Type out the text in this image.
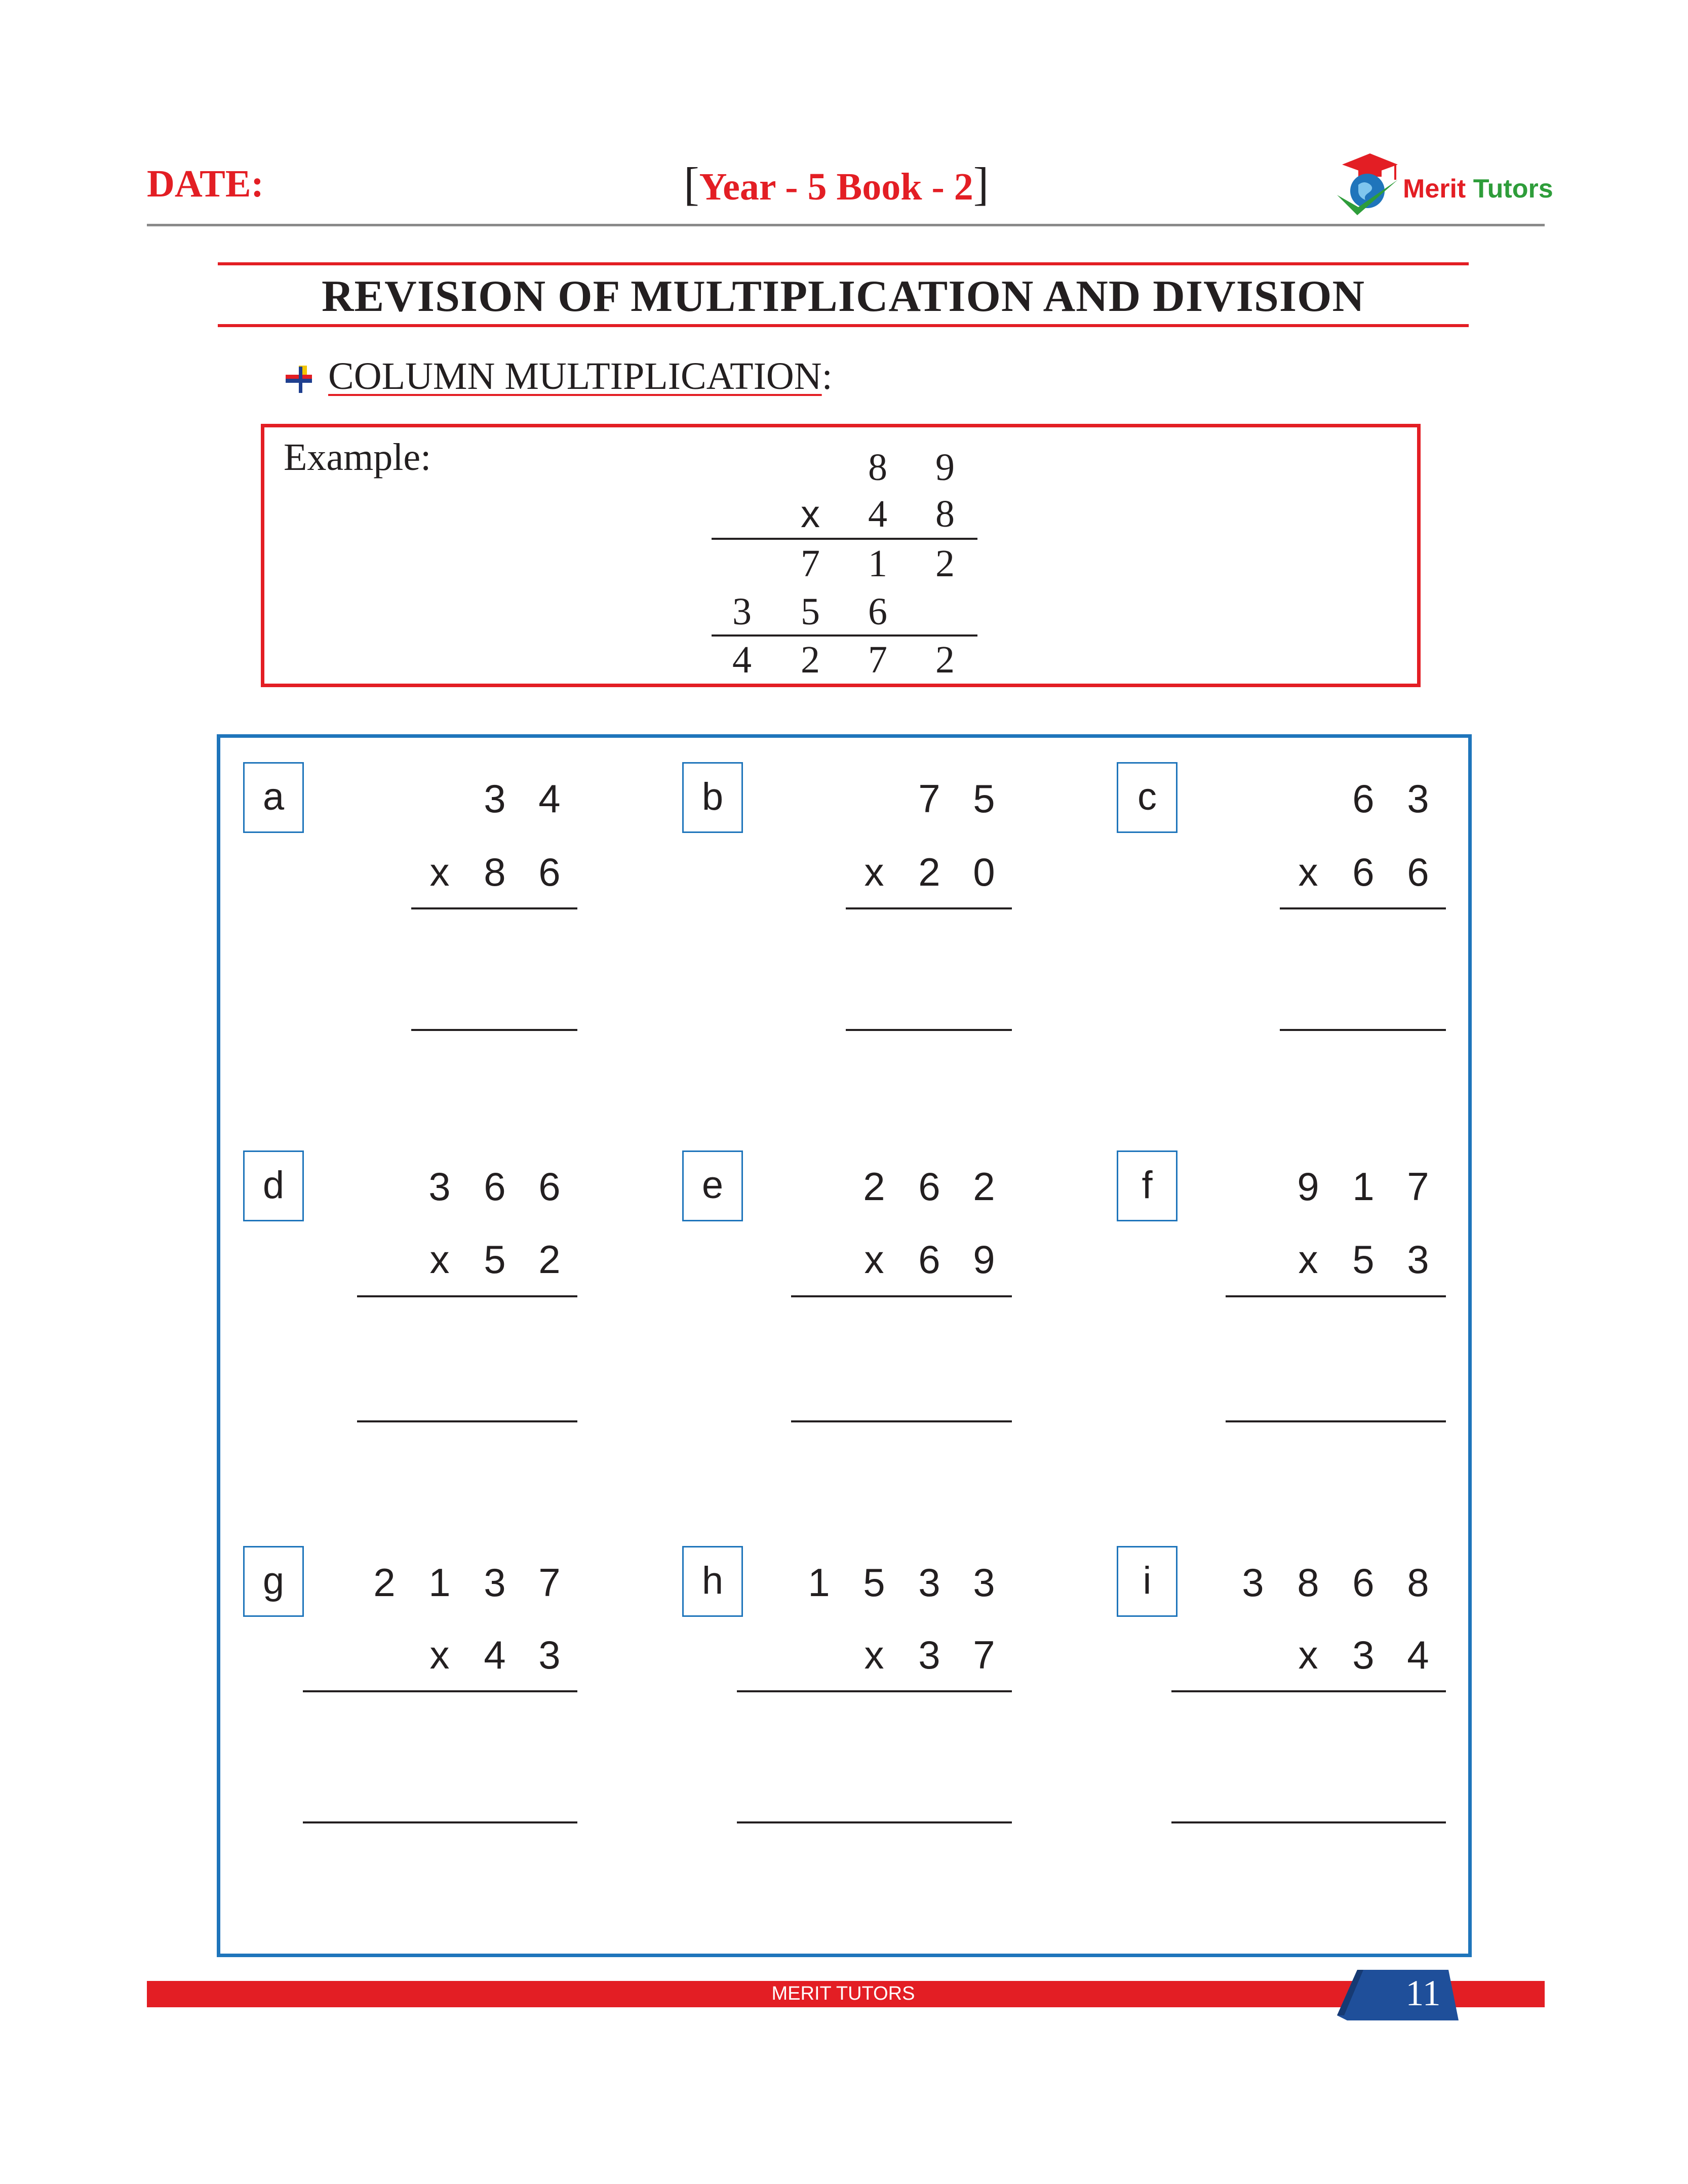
DATE:	[Year - 5 Book - 2]	Merit Tutors
REVISION OF MULTIPLICATION AND DIVISION
COLUMN MULTIPLICATION:
Example:	8 9
x 4 8
7 1 2
3 5 6
4 2 7 2
a	3 4
x 8 6
b	7 5
x 2 0
c	6 3
x 6 6
d	3 6 6
x 5 2
e	2 6 2
x 6 9
f	9 1 7
x 5 3
g	2 1 3 7
x 4 3
h	1 5 3 3
x 3 7
i	3 8 6 8
x 3 4
MERIT TUTORS	11
